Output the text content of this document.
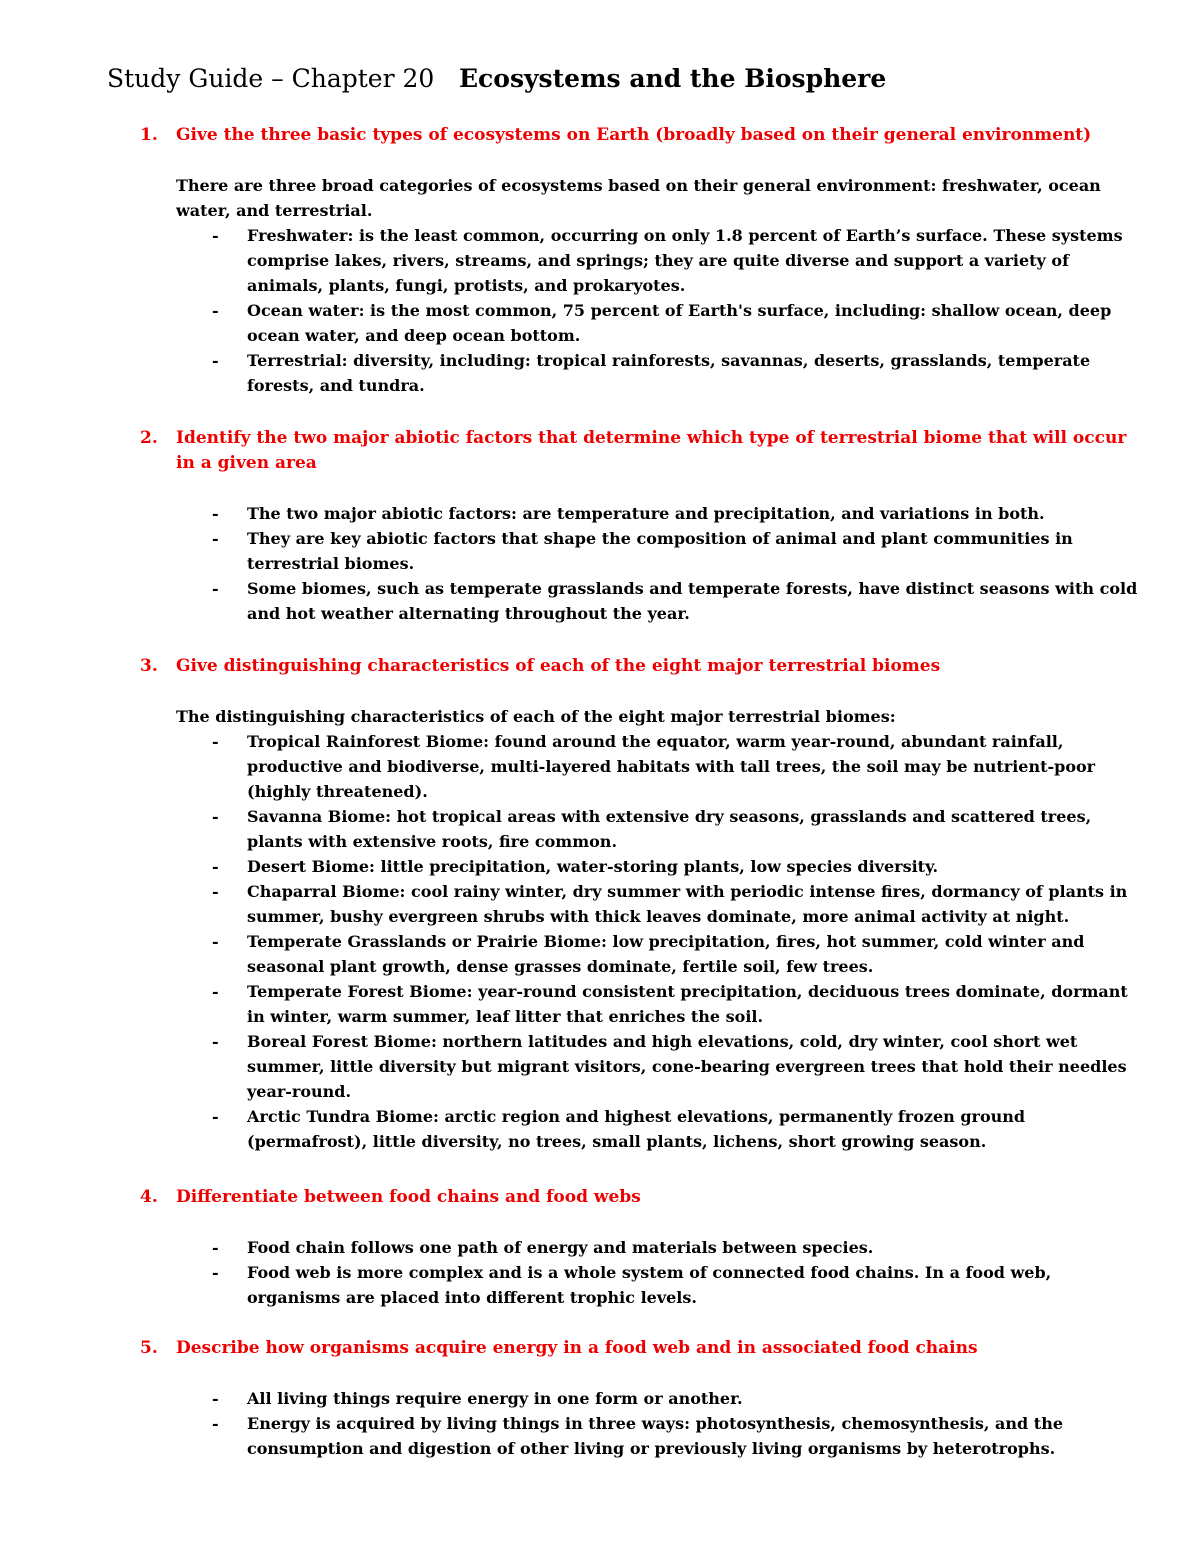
Study Guide – Chapter 20 Ecosystems and the Biosphere
1.	Give the three basic types of ecosystems on Earth (broadly based on their general environment)

There are three broad categories of ecosystems based on their general environment: freshwater, ocean water, and terrestrial.

- Freshwater: is the least common, occurring on only 1.8 percent of Earth’s surface. These systems comprise lakes, rivers, streams, and springs; they are quite diverse and support a variety of animals, plants, fungi, protists, and prokaryotes.
- Ocean water: is the most common, 75 percent of Earth's surface, including: shallow ocean, deep ocean water, and deep ocean bottom.
- Terrestrial: diversity, including: tropical rainforests, savannas, deserts, grasslands, temperate forests, and tundra.
2.	Identify the two major abiotic factors that determine which type of terrestrial biome that will occur in a given area
- The two major abiotic factors: are temperature and precipitation, and variations in both.
- They are key abiotic factors that shape the composition of animal and plant communities in terrestrial biomes.
- Some biomes, such as temperate grasslands and temperate forests, have distinct seasons with cold and hot weather alternating throughout the year.
3.	Give distinguishing characteristics of each of the eight major terrestrial biomes

The distinguishing characteristics of each of the eight major terrestrial biomes:

- Tropical Rainforest Biome: found around the equator, warm year-round, abundant rainfall, productive and biodiverse, multi-layered habitats with tall trees, the soil may be nutrient-poor (highly threatened).
- Savanna Biome: hot tropical areas with extensive dry seasons, grasslands and scattered trees, plants with extensive roots, fire common.
- Desert Biome: little precipitation, water-storing plants, low species diversity.
- Chaparral Biome: cool rainy winter, dry summer with periodic intense fires, dormancy of plants in summer, bushy evergreen shrubs with thick leaves dominate, more animal activity at night.
- Temperate Grasslands or Prairie Biome: low precipitation, fires, hot summer, cold winter and seasonal plant growth, dense grasses dominate, fertile soil, few trees.
- Temperate Forest Biome: year-round consistent precipitation, deciduous trees dominate, dormant in winter, warm summer, leaf litter that enriches the soil.
- Boreal Forest Biome: northern latitudes and high elevations, cold, dry winter, cool short wet summer, little diversity but migrant visitors, cone-bearing evergreen trees that hold their needles year-round.
- Arctic Tundra Biome: arctic region and highest elevations, permanently frozen ground (permafrost), little diversity, no trees, small plants, lichens, short growing season.
4.	Differentiate between food chains and food webs
- Food chain follows one path of energy and materials between species.
- Food web is more complex and is a whole system of connected food chains. In a food web, organisms are placed into different trophic levels.
5.	Describe how organisms acquire energy in a food web and in associated food chains
- All living things require energy in one form or another.
- Energy is acquired by living things in three ways: photosynthesis, chemosynthesis, and the consumption and digestion of other living or previously living organisms by heterotrophs.
